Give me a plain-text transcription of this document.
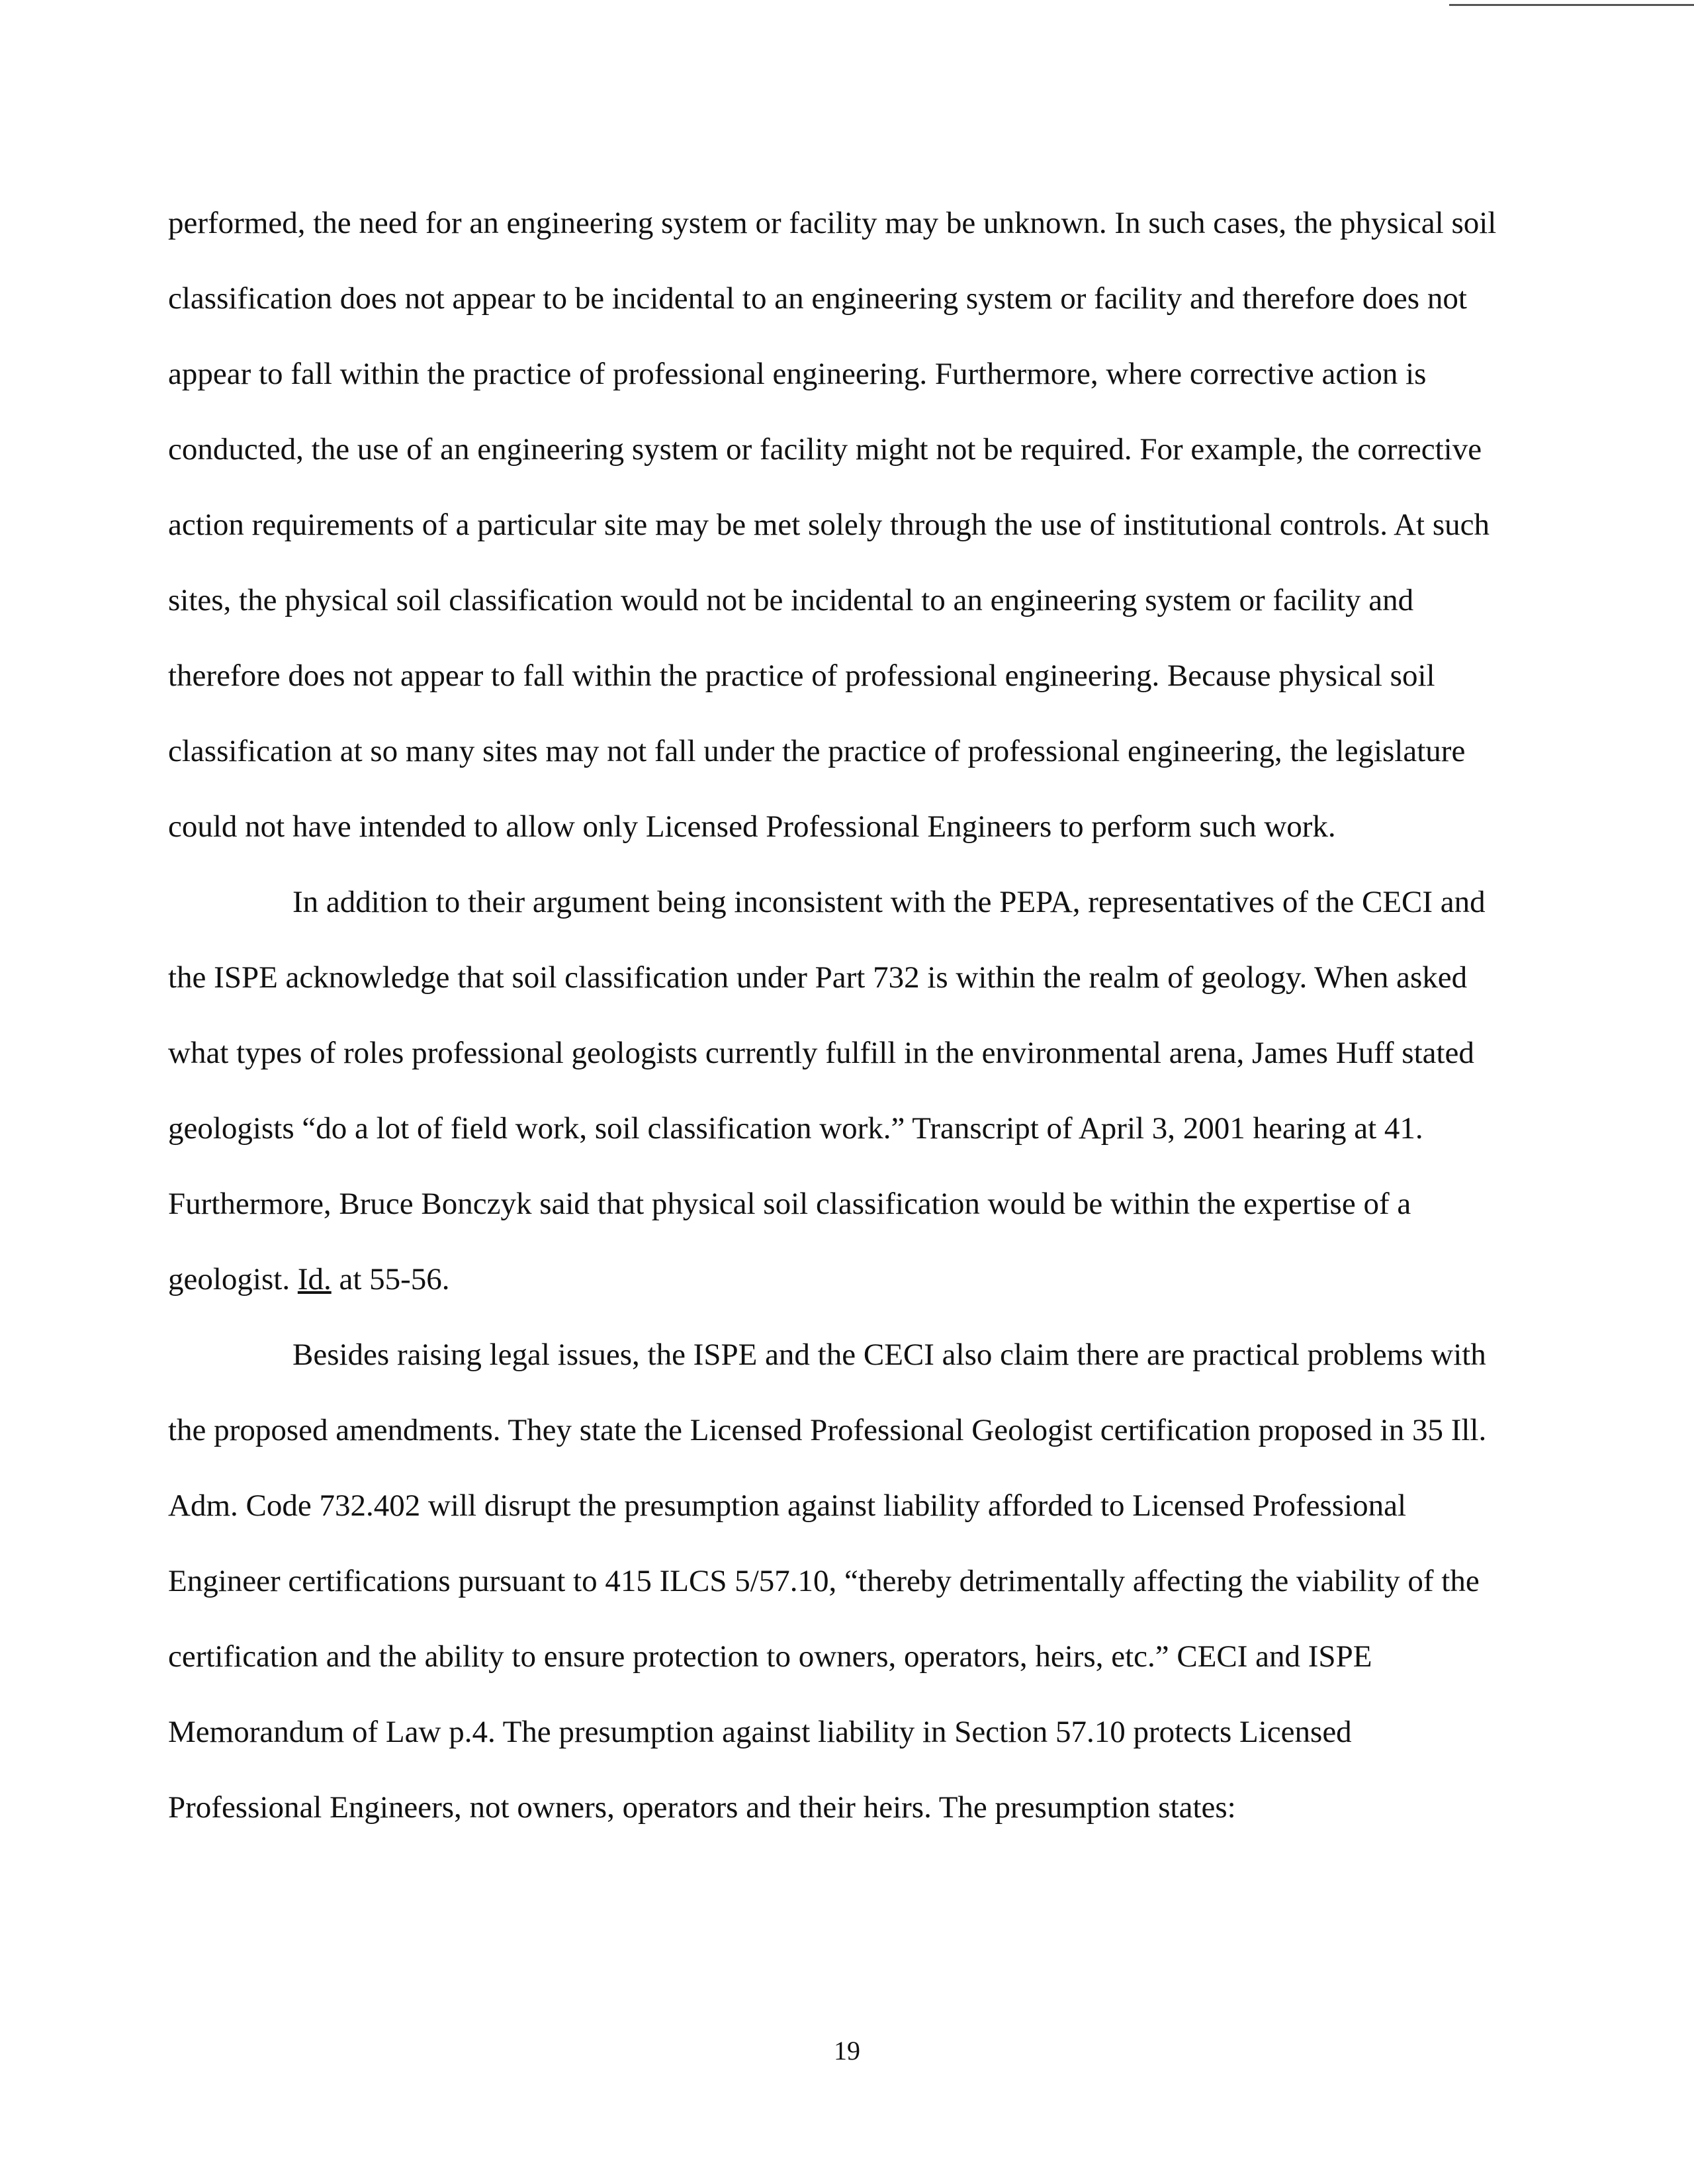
performed, the need for an engineering system or facility may be unknown. In such cases, the physical soil classification does not appear to be incidental to an engineering system or facility and therefore does not appear to fall within the practice of professional engineering. Furthermore, where corrective action is conducted, the use of an engineering system or facility might not be required. For example, the corrective action requirements of a particular site may be met solely through the use of institutional controls. At such sites, the physical soil classification would not be incidental to an engineering system or facility and therefore does not appear to fall within the practice of professional engineering. Because physical soil classification at so many sites may not fall under the practice of professional engineering, the legislature could not have intended to allow only Licensed Professional Engineers to perform such work.

In addition to their argument being inconsistent with the PEPA, representatives of the CECI and the ISPE acknowledge that soil classification under Part 732 is within the realm of geology. When asked what types of roles professional geologists currently fulfill in the environmental arena, James Huff stated geologists “do a lot of field work, soil classification work.” Transcript of April 3, 2001 hearing at 41. Furthermore, Bruce Bonczyk said that physical soil classification would be within the expertise of a geologist. Id. at 55-56.

Besides raising legal issues, the ISPE and the CECI also claim there are practical problems with the proposed amendments. They state the Licensed Professional Geologist certification proposed in 35 Ill. Adm. Code 732.402 will disrupt the presumption against liability afforded to Licensed Professional Engineer certifications pursuant to 415 ILCS 5/57.10, “thereby detrimentally affecting the viability of the certification and the ability to ensure protection to owners, operators, heirs, etc.” CECI and ISPE Memorandum of Law p.4. The presumption against liability in Section 57.10 protects Licensed Professional Engineers, not owners, operators and their heirs. The presumption states:

19
